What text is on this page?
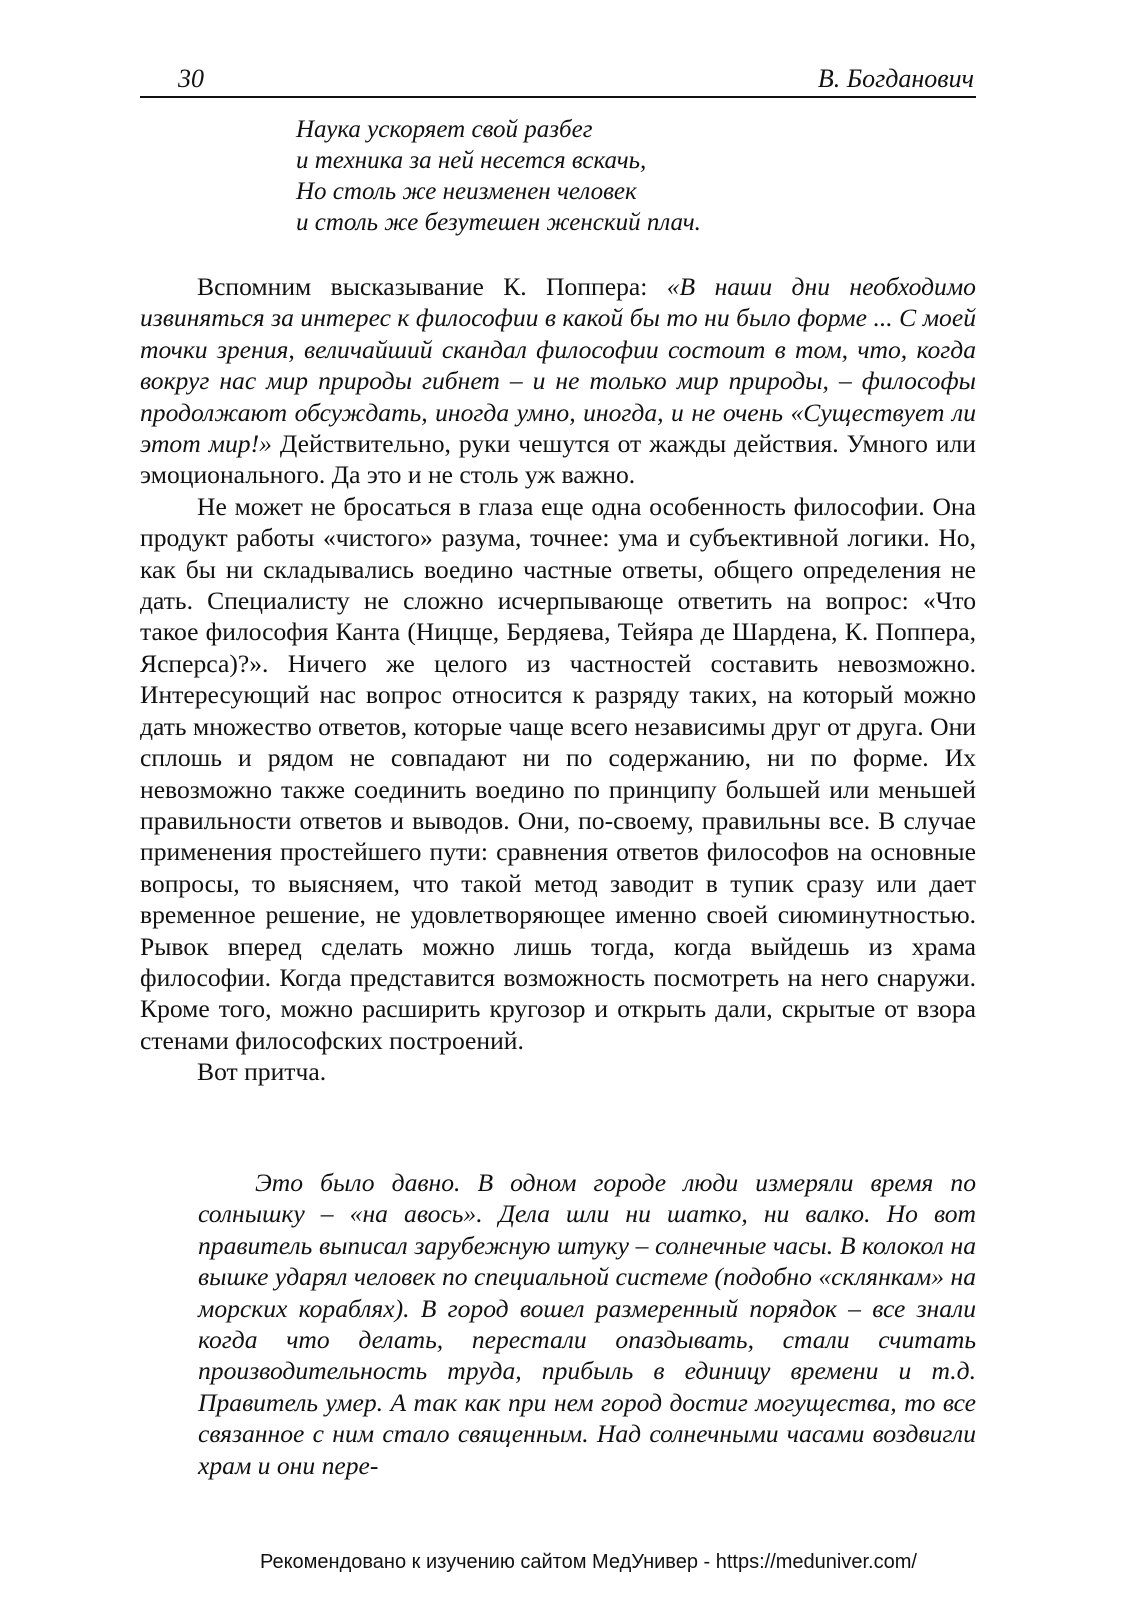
30	В. Богданович
Наука ускоряет свой разбег
и техника за ней несется вскачь,
Но столь же неизменен человек
и столь же безутешен женский плач.

Вспомним высказывание К. Поппера: «В наши дни необходимо извиняться за интерес к философии в какой бы то ни было форме ... С моей точки зрения, величайший скандал философии состоит в том, что, когда вокруг нас мир природы гибнет – и не только мир природы, – философы продолжают обсуждать, иногда умно, иногда, и не очень «Существует ли этот мир!» Действительно, руки чешутся от жажды действия. Умного или эмоционального. Да это и не столь уж важно.

Не может не бросаться в глаза еще одна особенность философии. Она продукт работы «чистого» разума, точнее: ума и субъективной логики. Но, как бы ни складывались воедино частные ответы, общего определения не дать. Специалисту не сложно исчерпывающе ответить на вопрос: «Что такое философия Канта (Ницще, Бердяева, Тейяра де Шардена, К. Поппера, Ясперса)?». Ничего же целого из частностей составить невозможно. Интересующий нас вопрос относится к разряду таких, на который можно дать множество ответов, которые чаще всего независимы друг от друга. Они сплошь и рядом не совпадают ни по содержанию, ни по форме. Их невозможно также соединить воедино по принципу большей или меньшей правильности ответов и выводов. Они, по-своему, правильны все. В случае применения простейшего пути: сравнения ответов философов на основные вопросы, то выясняем, что такой метод заводит в тупик сразу или дает временное решение, не удовлетворяющее именно своей сиюминутностью. Рывок вперед сделать можно лишь тогда, когда выйдешь из храма философии. Когда представится возможность посмотреть на него снаружи. Кроме того, можно расширить кругозор и открыть дали, скрытые от взора стенами философских построений.

Вот притча.

Это было давно. В одном городе люди измеряли время по солнышку – «на авось». Дела шли ни шатко, ни валко. Но вот правитель выписал зарубежную штуку – солнечные часы. В колокол на вышке ударял человек по специальной системе (подобно «склянкам» на морских кораблях). В город вошел размеренный порядок – все знали когда что делать, перестали опаздывать, стали считать производительность труда, прибыль в единицу времени и т.д. Правитель умер. А так как при нем город достиг могущества, то все связанное с ним стало священным. Над солнечными часами воздвигли храм и они пере-

Рекомендовано к изучению сайтом МедУнивер - https://meduniver.com/
